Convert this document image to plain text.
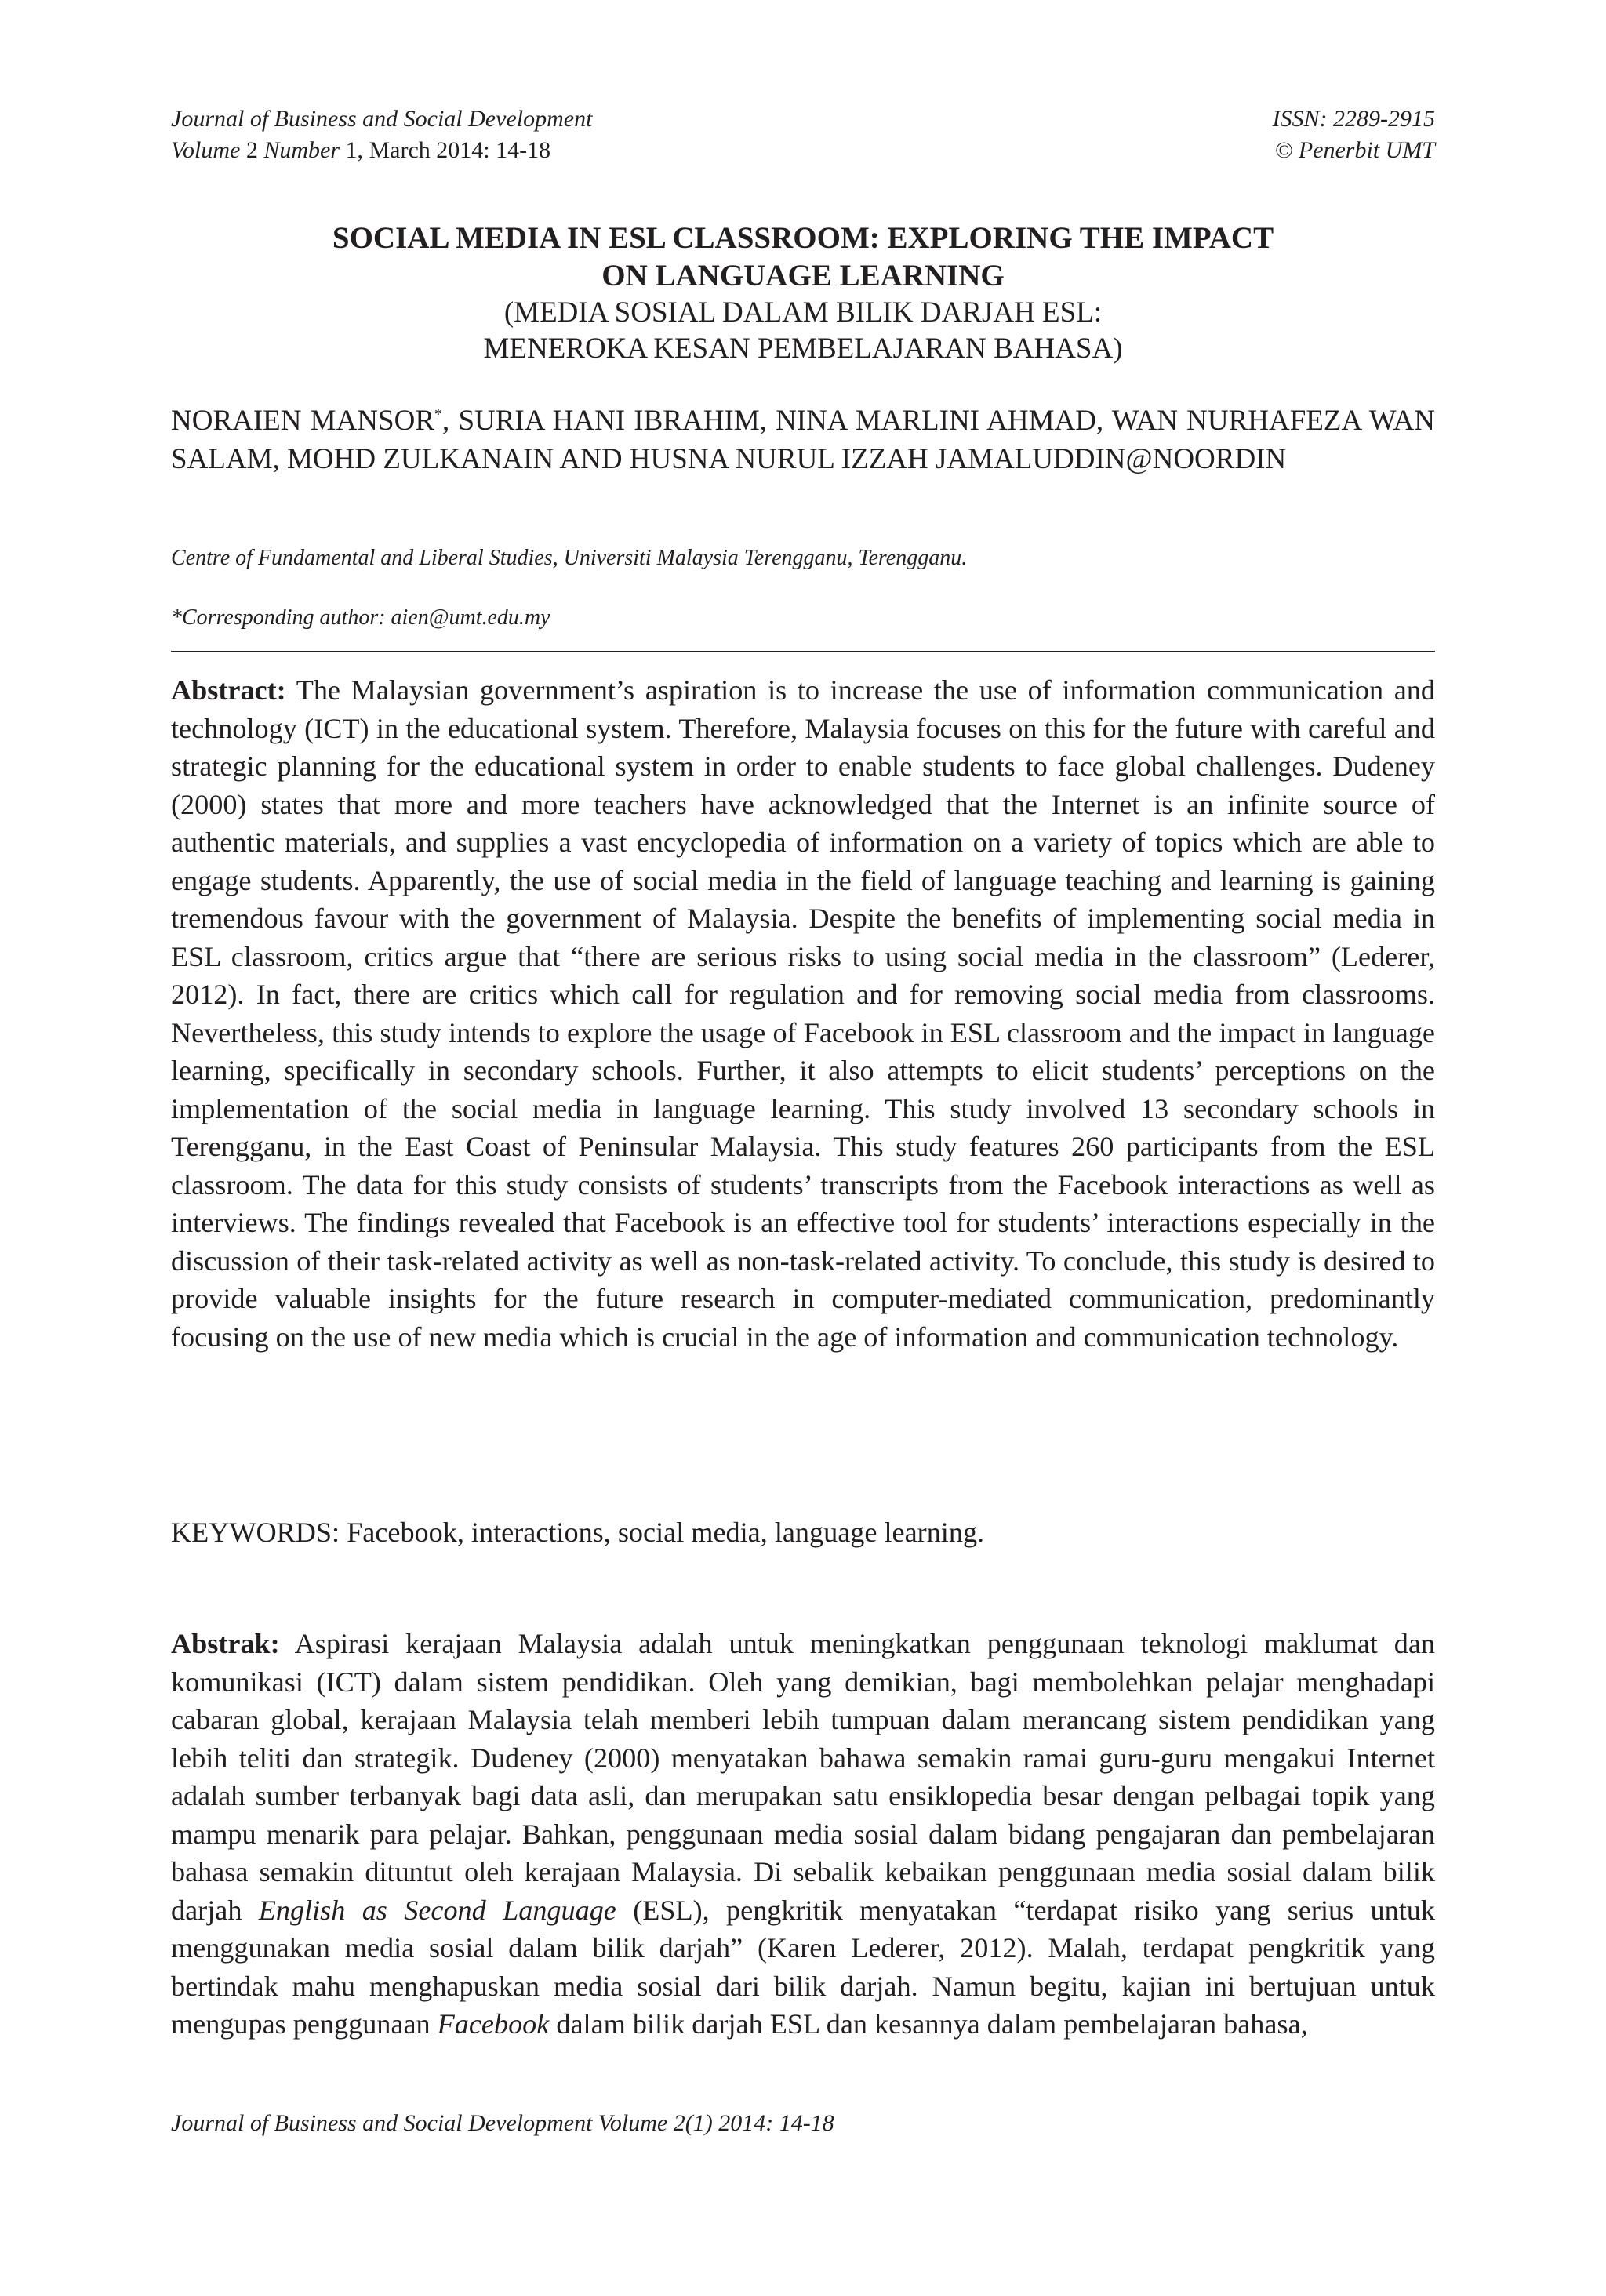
Journal of Business and Social Development
Volume 2 Number 1, March 2014: 14-18
ISSN: 2289-2915
© Penerbit UMT
SOCIAL MEDIA IN ESL CLASSROOM: EXPLORING THE IMPACT
ON LANGUAGE LEARNING
(MEDIA SOSIAL DALAM BILIK DARJAH ESL:
MENEROKA KESAN PEMBELAJARAN BAHASA)
NORAIEN MANSOR*, SURIA HANI IBRAHIM, NINA MARLINI AHMAD, WAN NURHAFEZA WAN SALAM, MOHD ZULKANAIN AND HUSNA NURUL IZZAH JAMALUDDIN@NOORDIN
Centre of Fundamental and Liberal Studies, Universiti Malaysia Terengganu, Terengganu.
*Corresponding author: aien@umt.edu.my
Abstract: The Malaysian government’s aspiration is to increase the use of information communication and technology (ICT) in the educational system. Therefore, Malaysia focuses on this for the future with careful and strategic planning for the educational system in order to enable students to face global challenges. Dudeney (2000) states that more and more teachers have acknowledged that the Internet is an infinite source of authentic materials, and supplies a vast encyclopedia of information on a variety of topics which are able to engage students. Apparently, the use of social media in the field of language teaching and learning is gaining tremendous favour with the government of Malaysia. Despite the benefits of implementing social media in ESL classroom, critics argue that “there are serious risks to using social media in the classroom” (Lederer, 2012). In fact, there are critics which call for regulation and for removing social media from classrooms. Nevertheless, this study intends to explore the usage of Facebook in ESL classroom and the impact in language learning, specifically in secondary schools. Further, it also attempts to elicit students’ perceptions on the implementation of the social media in language learning. This study involved 13 secondary schools in Terengganu, in the East Coast of Peninsular Malaysia. This study features 260 participants from the ESL classroom. The data for this study consists of students’ transcripts from the Facebook interactions as well as interviews. The findings revealed that Facebook is an effective tool for students’ interactions especially in the discussion of their task-related activity as well as non-task-related activity. To conclude, this study is desired to provide valuable insights for the future research in computer-mediated communication, predominantly focusing on the use of new media which is crucial in the age of information and communication technology.
KEYWORDS: Facebook, interactions, social media, language learning.
Abstrak: Aspirasi kerajaan Malaysia adalah untuk meningkatkan penggunaan teknologi maklumat dan komunikasi (ICT) dalam sistem pendidikan. Oleh yang demikian, bagi membolehkan pelajar menghadapi cabaran global, kerajaan Malaysia telah memberi lebih tumpuan dalam merancang sistem pendidikan yang lebih teliti dan strategik. Dudeney (2000) menyatakan bahawa semakin ramai guru-guru mengakui Internet adalah sumber terbanyak bagi data asli, dan merupakan satu ensiklopedia besar dengan pelbagai topik yang mampu menarik para pelajar. Bahkan, penggunaan media sosial dalam bidang pengajaran dan pembelajaran bahasa semakin dituntut oleh kerajaan Malaysia. Di sebalik kebaikan penggunaan media sosial dalam bilik darjah English as Second Language (ESL), pengkritik menyatakan “terdapat risiko yang serius untuk menggunakan media sosial dalam bilik darjah” (Karen Lederer, 2012). Malah, terdapat pengkritik yang bertindak mahu menghapuskan media sosial dari bilik darjah. Namun begitu, kajian ini bertujuan untuk mengupas penggunaan Facebook dalam bilik darjah ESL dan kesannya dalam pembelajaran bahasa,
Journal of Business and Social Development Volume 2(1) 2014: 14-18
